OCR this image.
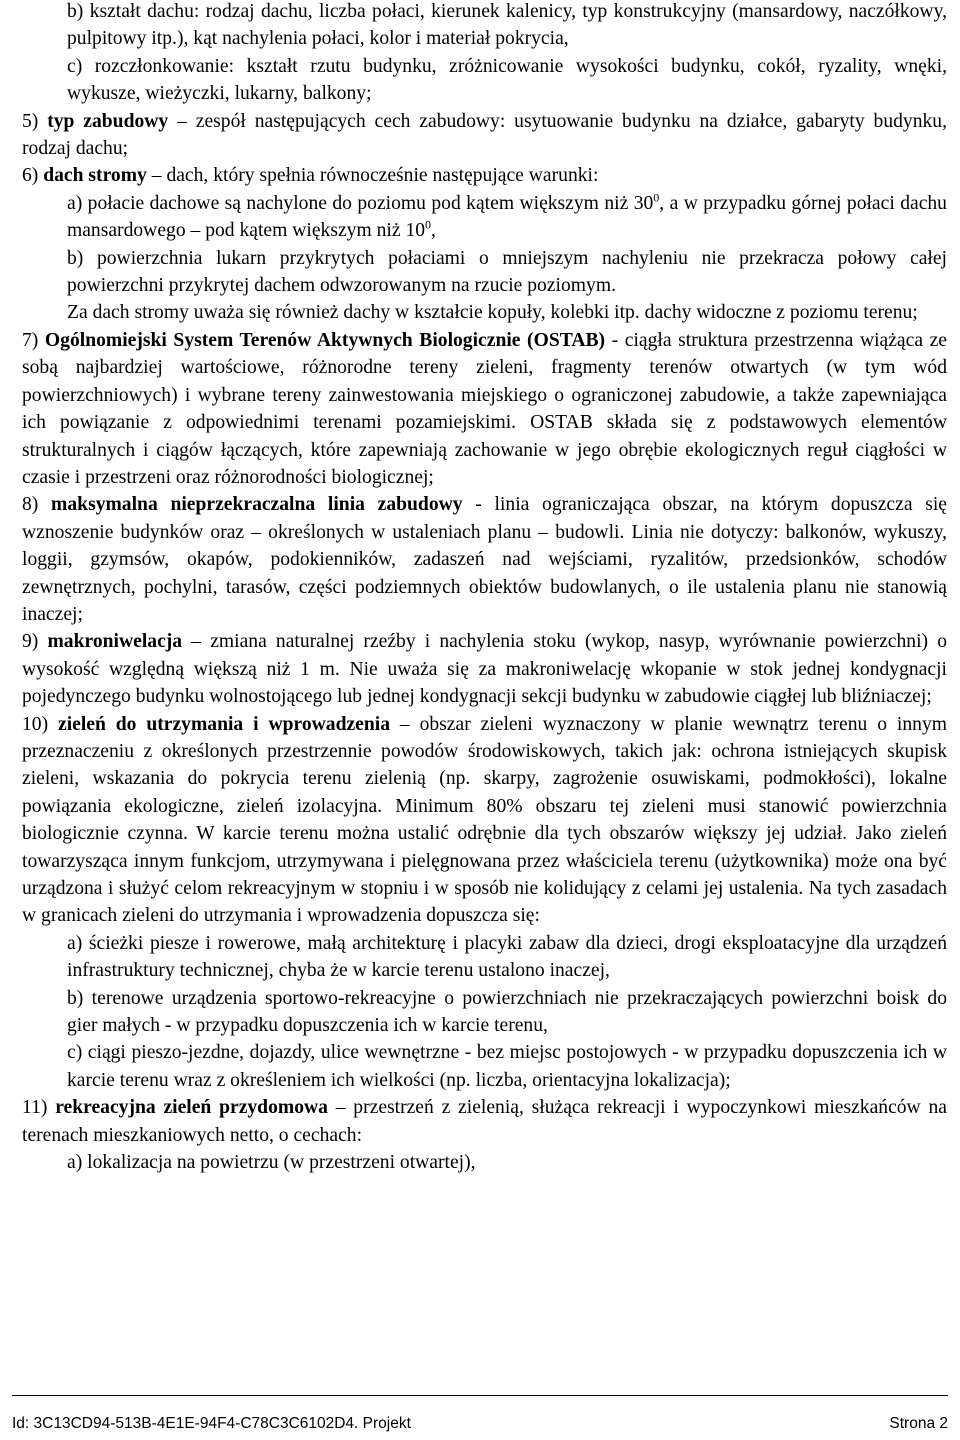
b) kształt dachu: rodzaj dachu, liczba połaci, kierunek kalenicy, typ konstrukcyjny (mansardowy, naczółkowy, pulpitowy itp.), kąt nachylenia połaci, kolor i materiał pokrycia,

c) rozczłonkowanie: kształt rzutu budynku, zróżnicowanie wysokości budynku, cokół, ryzality, wnęki, wykusze, wieżyczki, lukarny, balkony;

5) typ zabudowy – zespół następujących cech zabudowy: usytuowanie budynku na działce, gabaryty budynku, rodzaj dachu;
6) dach stromy – dach, który spełnia równocześnie następujące warunki:

a) połacie dachowe są nachylone do poziomu pod kątem większym niż $30^0$, a w przypadku górnej połaci dachu mansardowego – pod kątem większym niż $10^0$,

b) powierzchnia lukarn przykrytych połaciami o mniejszym nachyleniu nie przekracza połowy całej powierzchni przykrytej dachem odwzorowanym na rzucie poziomym.

Za dach stromy uważa się również dachy w kształcie kopuły, kolebki itp. dachy widoczne z poziomu terenu;

7) Ogólnomiejski System Terenów Aktywnych Biologicznie (OSTAB) - ciągła struktura przestrzenna wiążąca ze sobą najbardziej wartościowe, różnorodne tereny zieleni, fragmenty terenów otwartych (w tym wód powierzchniowych) i wybrane tereny zainwestowania miejskiego o ograniczonej zabudowie, a także zapewniająca ich powiązanie z odpowiednimi terenami pozamiejskimi. OSTAB składa się z podstawowych elementów strukturalnych i ciągów łączących, które zapewniają zachowanie w jego obrębie ekologicznych reguł ciągłości w czasie i przestrzeni oraz różnorodności biologicznej;
8) maksymalna nieprzekraczalna linia zabudowy - linia ograniczająca obszar, na którym dopuszcza się wznoszenie budynków oraz – określonych w ustaleniach planu – budowli. Linia nie dotyczy: balkonów, wykuszy, loggii, gzymsów, okapów, podokienników, zadaszeń nad wejściami, ryzalitów, przedsionków, schodów zewnętrznych, pochylni, tarasów, części podziemnych obiektów budowlanych, o ile ustalenia planu nie stanowią inaczej;
9) makroniwelacja – zmiana naturalnej rzeźby i nachylenia stoku (wykop, nasyp, wyrównanie powierzchni) o wysokość względną większą niż 1 m. Nie uważa się za makroniwelację wkopanie w stok jednej kondygnacji pojedynczego budynku wolnostojącego lub jednej kondygnacji sekcji budynku w zabudowie ciągłej lub bliźniaczej;
10) zieleń do utrzymania i wprowadzenia – obszar zieleni wyznaczony w planie wewnątrz terenu o innym przeznaczeniu z określonych przestrzennie powodów środowiskowych, takich jak: ochrona istniejących skupisk zieleni, wskazania do pokrycia terenu zielenią (np. skarpy, zagrożenie osuwiskami, podmokłości), lokalne powiązania ekologiczne, zieleń izolacyjna. Minimum 80% obszaru tej zieleni musi stanowić powierzchnia biologicznie czynna. W karcie terenu można ustalić odrębnie dla tych obszarów większy jej udział. Jako zieleń towarzysząca innym funkcjom, utrzymywana i pielęgnowana przez właściciela terenu (użytkownika) może ona być urządzona i służyć celom rekreacyjnym w stopniu i w sposób nie kolidujący z celami jej ustalenia. Na tych zasadach w granicach zieleni do utrzymania i wprowadzenia dopuszcza się:

a) ścieżki piesze i rowerowe, małą architekturę i placyki zabaw dla dzieci, drogi eksploatacyjne dla urządzeń infrastruktury technicznej, chyba że w karcie terenu ustalono inaczej,

b) terenowe urządzenia sportowo-rekreacyjne o powierzchniach nie przekraczających powierzchni boisk do gier małych - w przypadku dopuszczenia ich w karcie terenu,

c) ciągi pieszo-jezdne, dojazdy, ulice wewnętrzne - bez miejsc postojowych - w przypadku dopuszczenia ich w karcie terenu wraz z określeniem ich wielkości (np. liczba, orientacyjna lokalizacja);

11) rekreacyjna zieleń przydomowa – przestrzeń z zielenią, służąca rekreacji i wypoczynkowi mieszkańców na terenach mieszkaniowych netto, o cechach:

a) lokalizacja na powietrzu (w przestrzeni otwartej),

Id: 3C13CD94-513B-4E1E-94F4-C78C3C6102D4. Projekt	Strona 2
